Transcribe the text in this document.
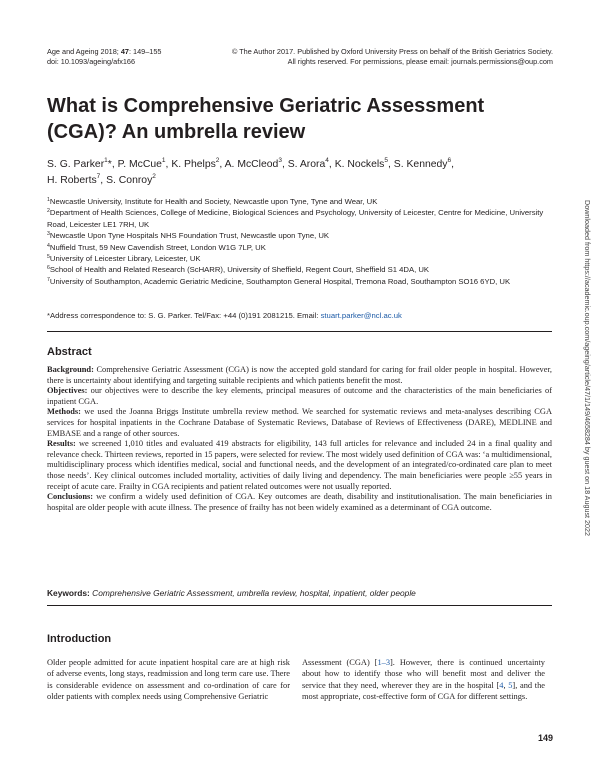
Age and Ageing 2018; 47: 149–155
doi: 10.1093/ageing/afx166
© The Author 2017. Published by Oxford University Press on behalf of the British Geriatrics Society.
All rights reserved. For permissions, please email: journals.permissions@oup.com
What is Comprehensive Geriatric Assessment (CGA)? An umbrella review
S. G. Parker$^1$*, P. McCue$^1$, K. Phelps$^2$, A. McCleod$^3$, S. Arora$^4$, K. Nockels$^5$, S. Kennedy$^6$,
H. Roberts$^7$, S. Conroy$^2$

$^1$Newcastle University, Institute for Health and Society, Newcastle upon Tyne, Tyne and Wear, UK

$^2$Department of Health Sciences, College of Medicine, Biological Sciences and Psychology, University of Leicester, Centre for Medicine, University Road, Leicester LE1 7RH, UK

$^3$Newcastle Upon Tyne Hospitals NHS Foundation Trust, Newcastle upon Tyne, UK

$^4$Nuffield Trust, 59 New Cavendish Street, London W1G 7LP, UK

$^5$University of Leicester Library, Leicester, UK

$^6$School of Health and Related Research (ScHARR), University of Sheffield, Regent Court, Sheffield S1 4DA, UK

$^7$University of Southampton, Academic Geriatric Medicine, Southampton General Hospital, Tremona Road, Southampton SO16 6YD, UK

*Address correspondence to: S. G. Parker. Tel/Fax: +44 (0)191 2081215. Email: stuart.parker@ncl.ac.uk
Abstract

Background: Comprehensive Geriatric Assessment (CGA) is now the accepted gold standard for caring for frail older people in hospital. However, there is uncertainty about identifying and targeting suitable recipients and which patients benefit the most.

Objectives: our objectives were to describe the key elements, principal measures of outcome and the characteristics of the main beneficiaries of inpatient CGA.

Methods: we used the Joanna Briggs Institute umbrella review method. We searched for systematic reviews and meta-analyses describing CGA services for hospital inpatients in the Cochrane Database of Systematic Reviews, Database of Reviews of Effectiveness (DARE), MEDLINE and EMBASE and a range of other sources.

Results: we screened 1,010 titles and evaluated 419 abstracts for eligibility, 143 full articles for relevance and included 24 in a final quality and relevance check. Thirteen reviews, reported in 15 papers, were selected for review. The most widely used definition of CGA was: ‘a multidimensional, multidisciplinary process which identifies medical, social and functional needs, and the development of an integrated/co-ordinated care plan to meet those needs’. Key clinical outcomes included mortality, activities of daily living and dependency. The main beneficiaries were people ≥55 years in receipt of acute care. Frailty in CGA recipients and patient related outcomes were not usually reported.

Conclusions: we confirm a widely used definition of CGA. Key outcomes are death, disability and institutionalisation. The main beneficiaries in hospital are older people with acute illness. The presence of frailty has not been widely examined as a determinant of CGA outcome.

Keywords: Comprehensive Geriatric Assessment, umbrella review, hospital, inpatient, older people
Introduction

Older people admitted for acute inpatient hospital care are at high risk of adverse events, long stays, readmission and long term care use. There is considerable evidence on assessment and co-ordination of care for older patients with complex needs using Comprehensive Geriatric

Assessment (CGA) [1–3]. However, there is continued uncertainty about how to identify those who will benefit most and deliver the service that they need, wherever they are in the hospital [4, 5], and the most appropriate, cost-effective form of CGA for different settings.

149
Downloaded from https://academic.oup.com/ageing/article/47/1/149/4658284 by guest on 18 August 2022
